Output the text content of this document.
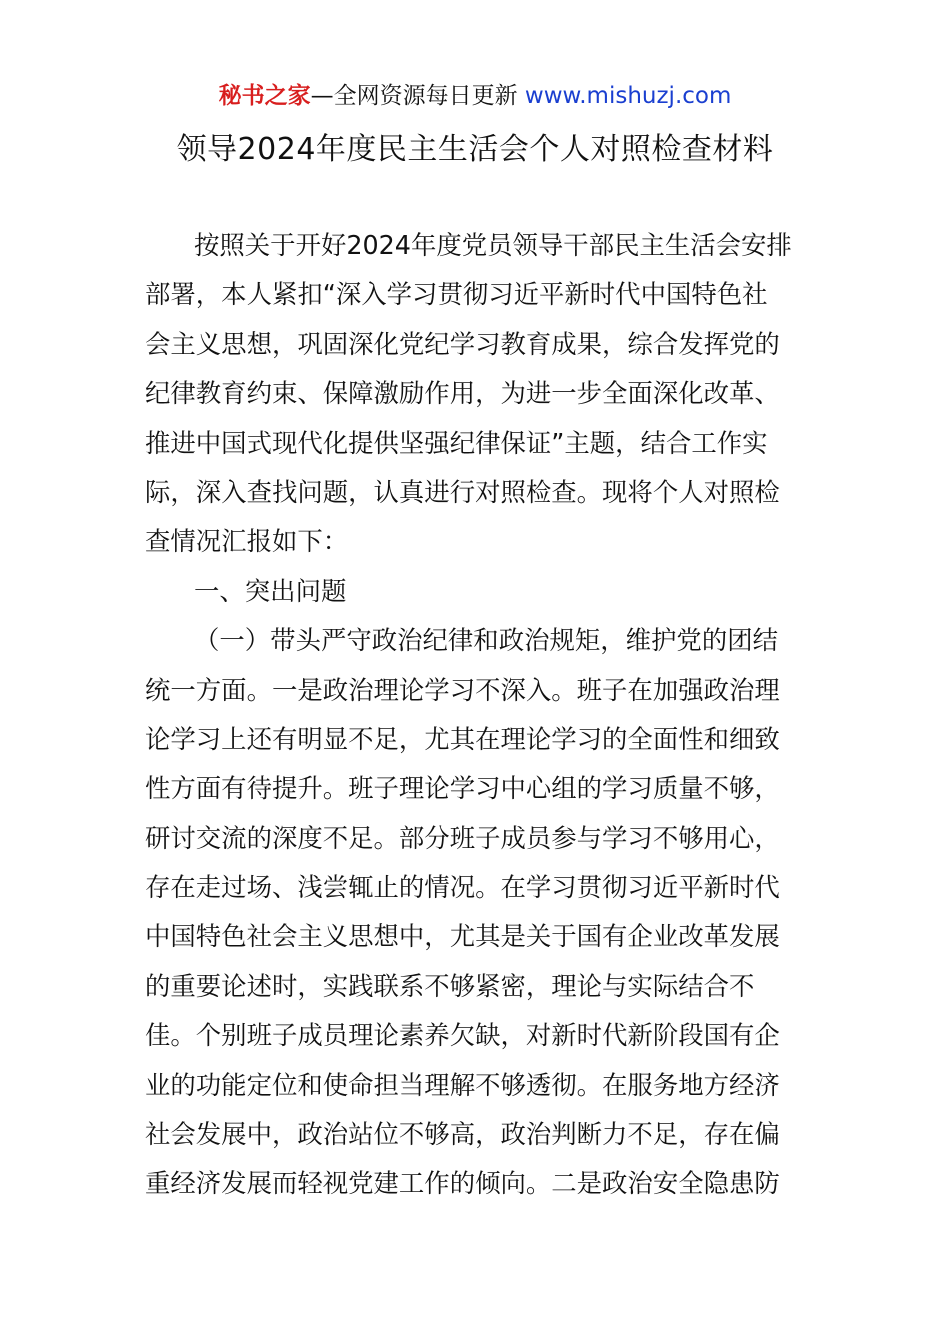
秘书之家—全网资源每日更新 www.mishuzj.com
领导2024年度民主生活会个人对照检查材料
按照关于开好2024年度党员领导干部民主生活会安排
部署，本人紧扣“深入学习贯彻习近平新时代中国特色社
会主义思想，巩固深化党纪学习教育成果，综合发挥党的
纪律教育约束、保障激励作用，为进一步全面深化改革、
推进中国式现代化提供坚强纪律保证”主题，结合工作实
际，深入查找问题，认真进行对照检查。现将个人对照检
查情况汇报如下：
一、突出问题
（一）带头严守政治纪律和政治规矩，维护党的团结
统一方面。一是政治理论学习不深入。班子在加强政治理
论学习上还有明显不足，尤其在理论学习的全面性和细致
性方面有待提升。班子理论学习中心组的学习质量不够，
研讨交流的深度不足。部分班子成员参与学习不够用心，
存在走过场、浅尝辄止的情况。在学习贯彻习近平新时代
中国特色社会主义思想中，尤其是关于国有企业改革发展
的重要论述时，实践联系不够紧密，理论与实际结合不
佳。个别班子成员理论素养欠缺，对新时代新阶段国有企
业的功能定位和使命担当理解不够透彻。在服务地方经济
社会发展中，政治站位不够高，政治判断力不足，存在偏
重经济发展而轻视党建工作的倾向。二是政治安全隐患防
